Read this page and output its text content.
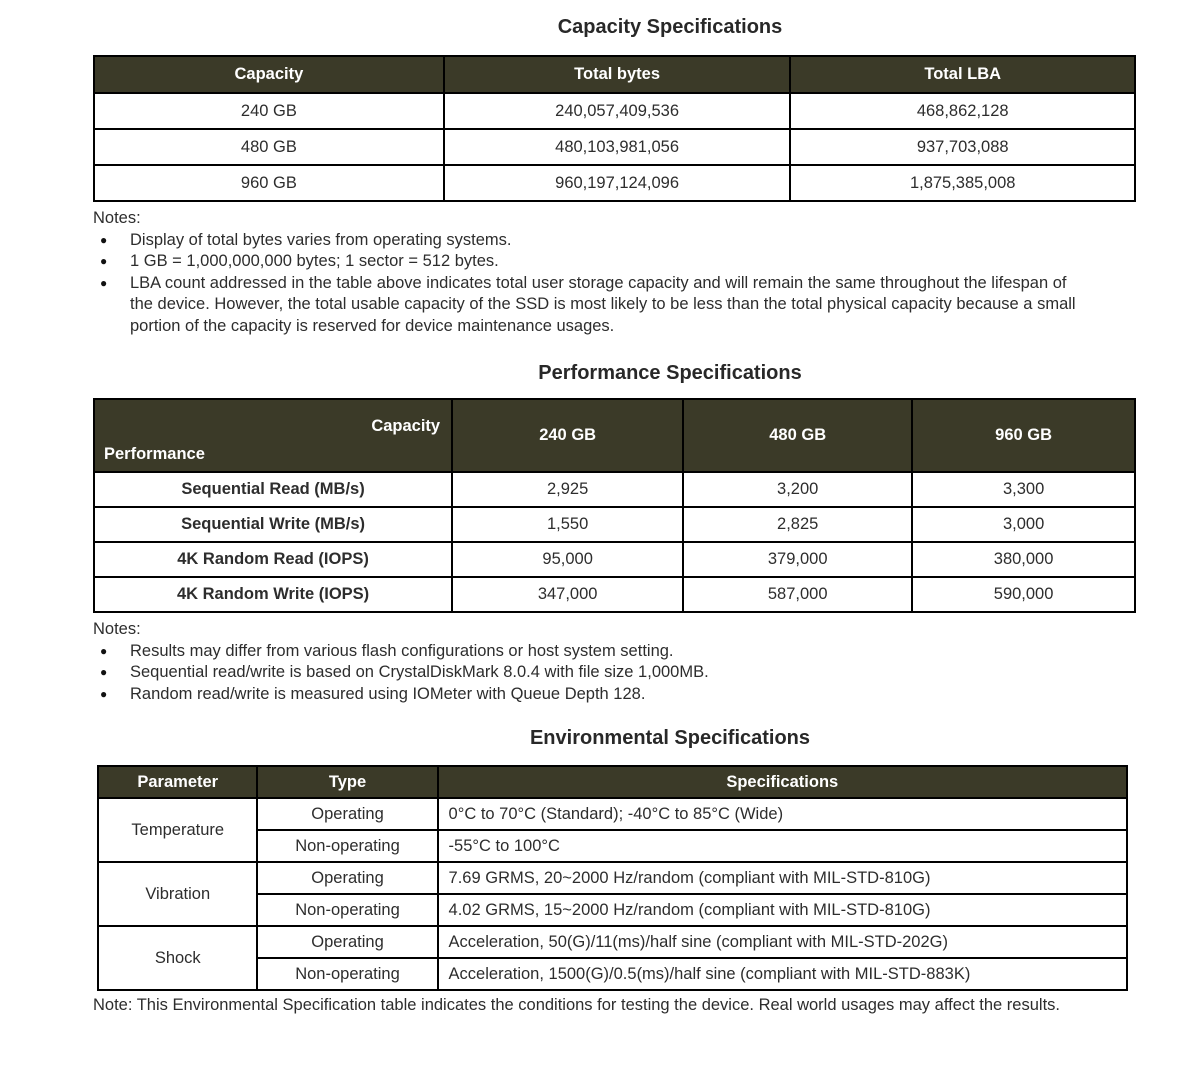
Capacity Specifications
Capacity	Total bytes	Total LBA
240 GB	240,057,409,536	468,862,128
480 GB	480,103,981,056	937,703,088
960 GB	960,197,124,096	1,875,385,008
Notes:
●	Display of total bytes varies from operating systems.
●	1 GB = 1,000,000,000 bytes; 1 sector = 512 bytes.
●	LBA count addressed in the table above indicates total user storage capacity and will remain the same throughout the lifespan of the device. However, the total usable capacity of the SSD is most likely to be less than the total physical capacity because a small portion of the capacity is reserved for device maintenance usages.
Performance Specifications
Capacity
Performance	240 GB	480 GB	960 GB
Sequential Read (MB/s)	2,925	3,200	3,300
Sequential Write (MB/s)	1,550	2,825	3,000
4K Random Read (IOPS)	95,000	379,000	380,000
4K Random Write (IOPS)	347,000	587,000	590,000
Notes:
●	Results may differ from various flash configurations or host system setting.
●	Sequential read/write is based on CrystalDiskMark 8.0.4 with file size 1,000MB.
●	Random read/write is measured using IOMeter with Queue Depth 128.
Environmental Specifications
Parameter	Type	Specifications
Temperature	Operating	0°C to 70°C (Standard); -40°C to 85°C (Wide)
	Non-operating	-55°C to 100°C
Vibration	Operating	7.69 GRMS, 20~2000 Hz/random (compliant with MIL-STD-810G)
	Non-operating	4.02 GRMS, 15~2000 Hz/random (compliant with MIL-STD-810G)
Shock	Operating	Acceleration, 50(G)/11(ms)/half sine (compliant with MIL-STD-202G)
	Non-operating	Acceleration, 1500(G)/0.5(ms)/half sine (compliant with MIL-STD-883K)
Note: This Environmental Specification table indicates the conditions for testing the device. Real world usages may affect the results.
